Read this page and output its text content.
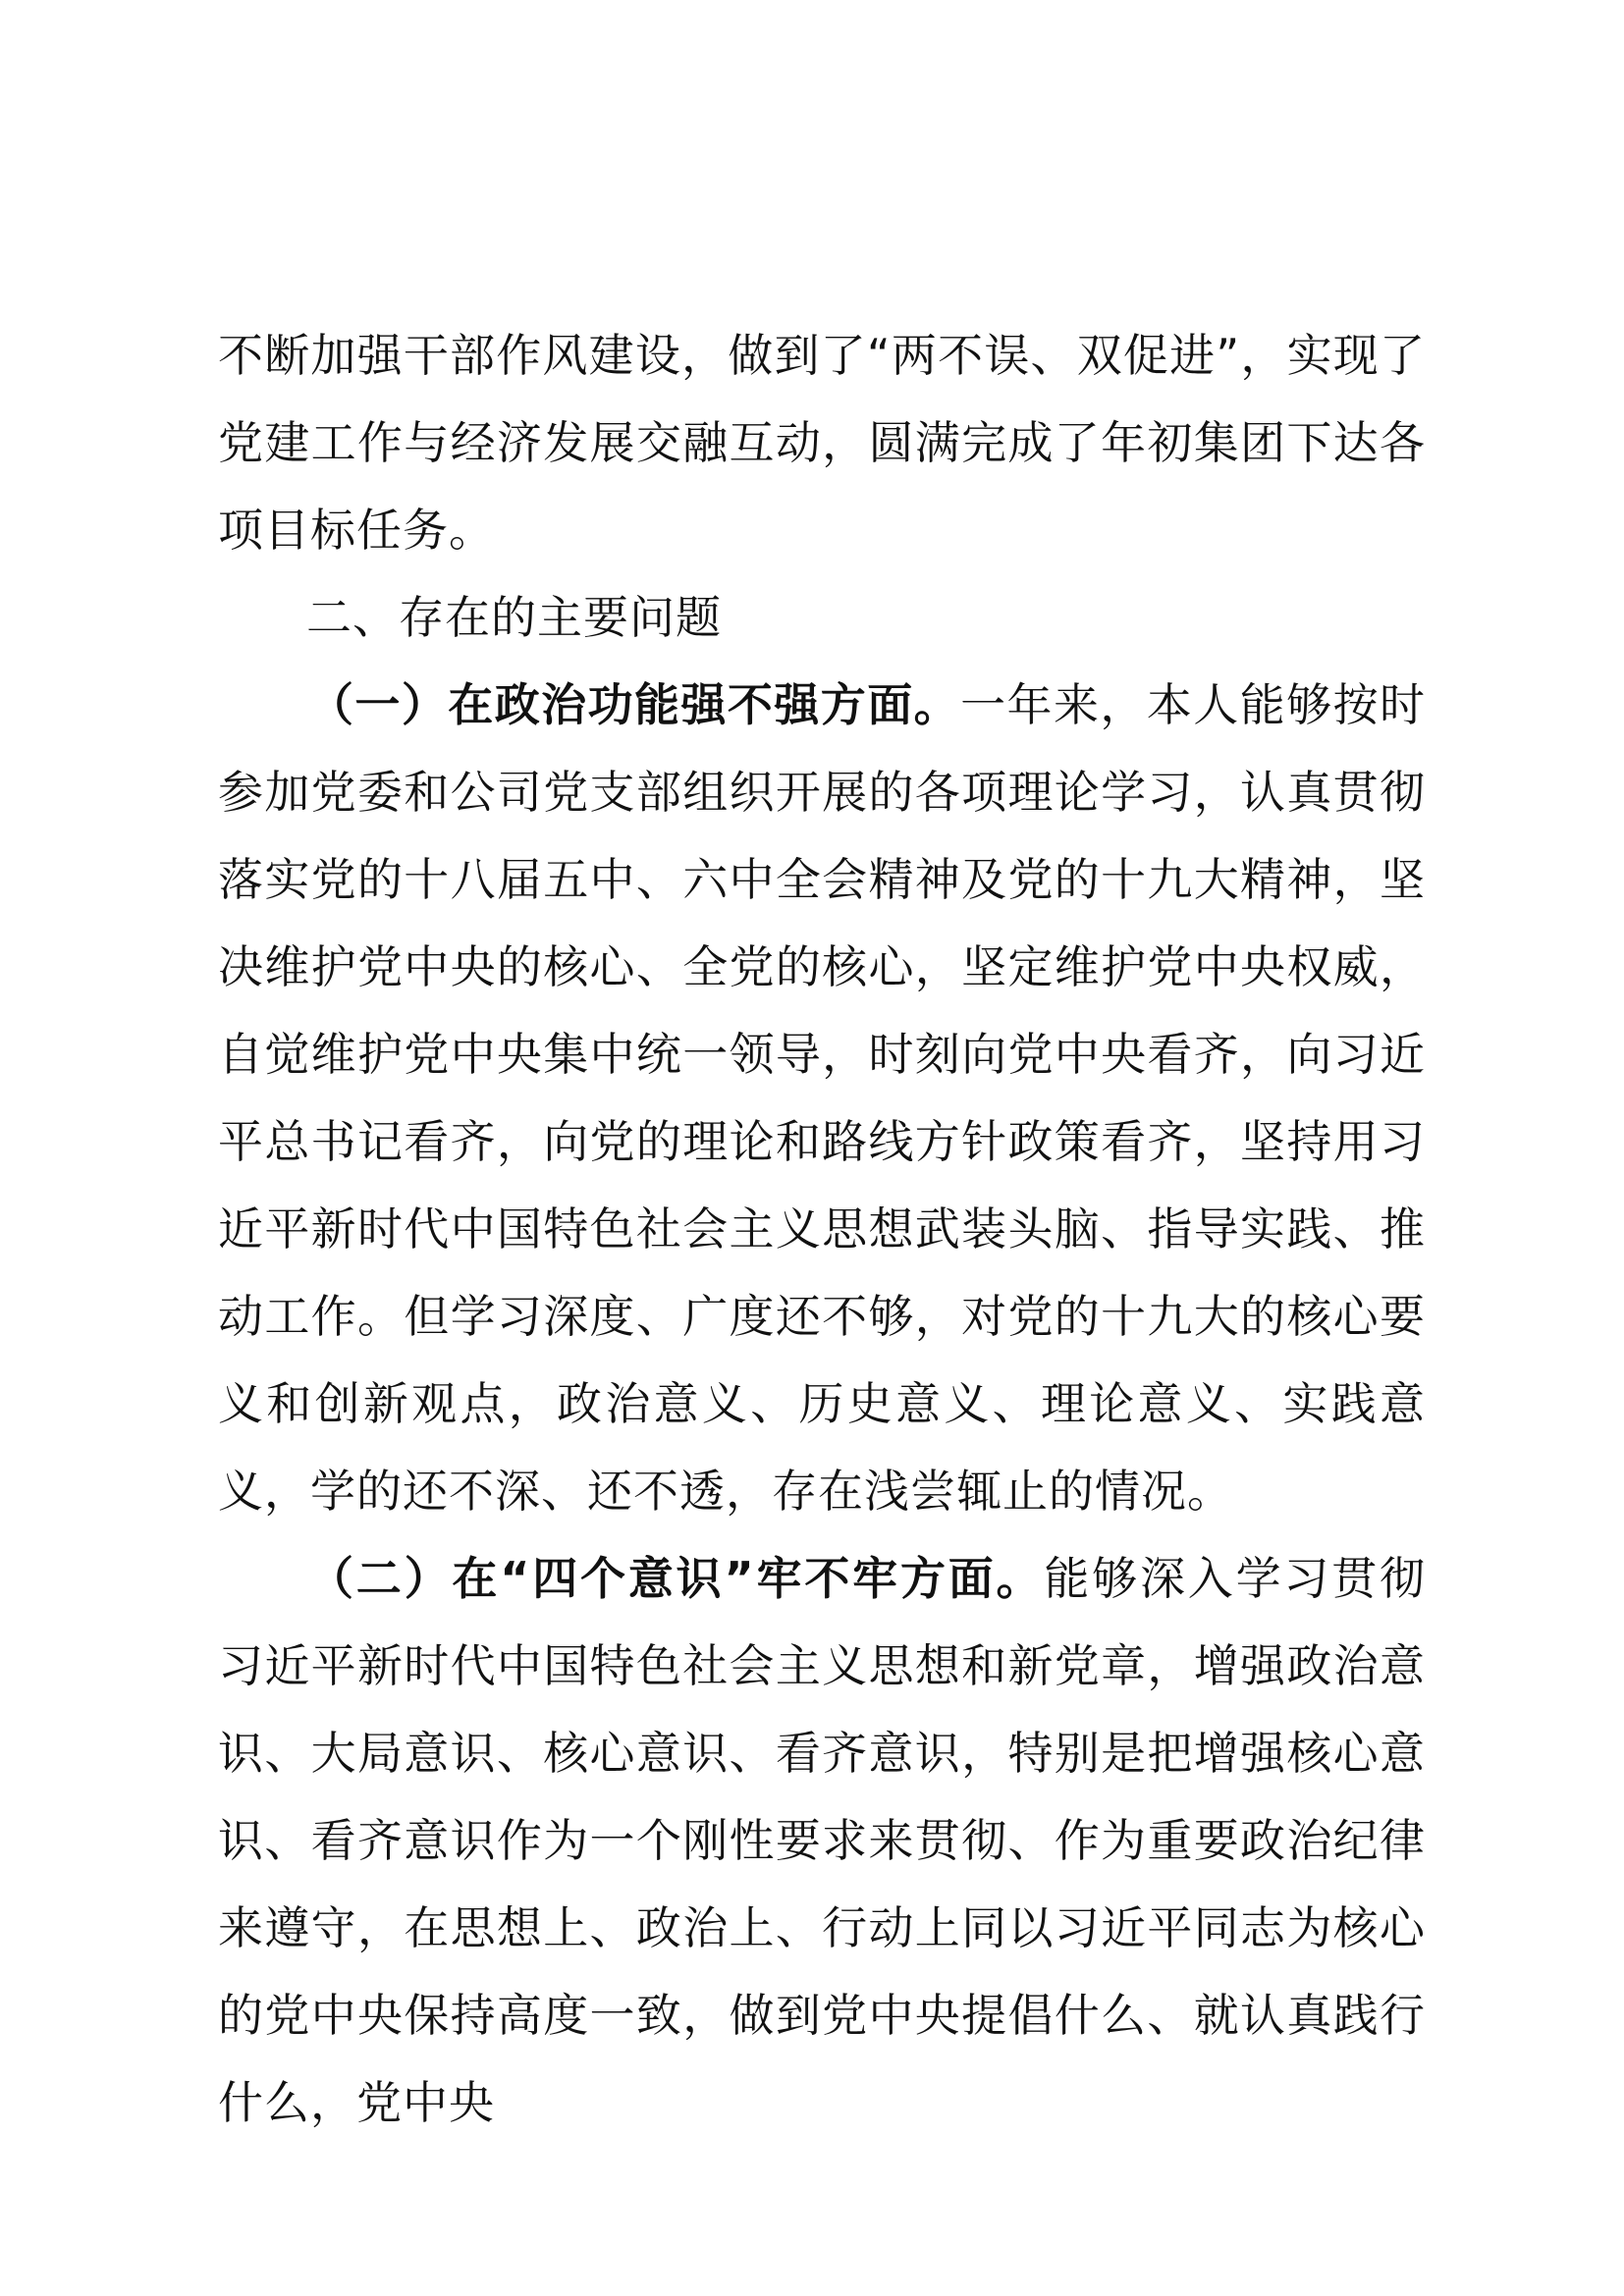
不断加强干部作风建设，做到了“两不误、双促进”，实现了党建工作与经济发展交融互动，圆满完成了年初集团下达各项目标任务。

二、存在的主要问题

（一）在政治功能强不强方面。一年来，本人能够按时参加党委和公司党支部组织开展的各项理论学习，认真贯彻落实党的十八届五中、六中全会精神及党的十九大精神，坚决维护党中央的核心、全党的核心，坚定维护党中央权威，自觉维护党中央集中统一领导，时刻向党中央看齐，向习近平总书记看齐，向党的理论和路线方针政策看齐，坚持用习近平新时代中国特色社会主义思想武装头脑、指导实践、推动工作。但学习深度、广度还不够，对党的十九大的核心要义和创新观点，政治意义、历史意义、理论意义、实践意义，学的还不深、还不透，存在浅尝辄止的情况。

（二）在“四个意识”牢不牢方面。能够深入学习贯彻习近平新时代中国特色社会主义思想和新党章，增强政治意识、大局意识、核心意识、看齐意识，特别是把增强核心意识、看齐意识作为一个刚性要求来贯彻、作为重要政治纪律来遵守，在思想上、政治上、行动上同以习近平同志为核心的党中央保持高度一致，做到党中央提倡什么、就认真践行什么，党中央
